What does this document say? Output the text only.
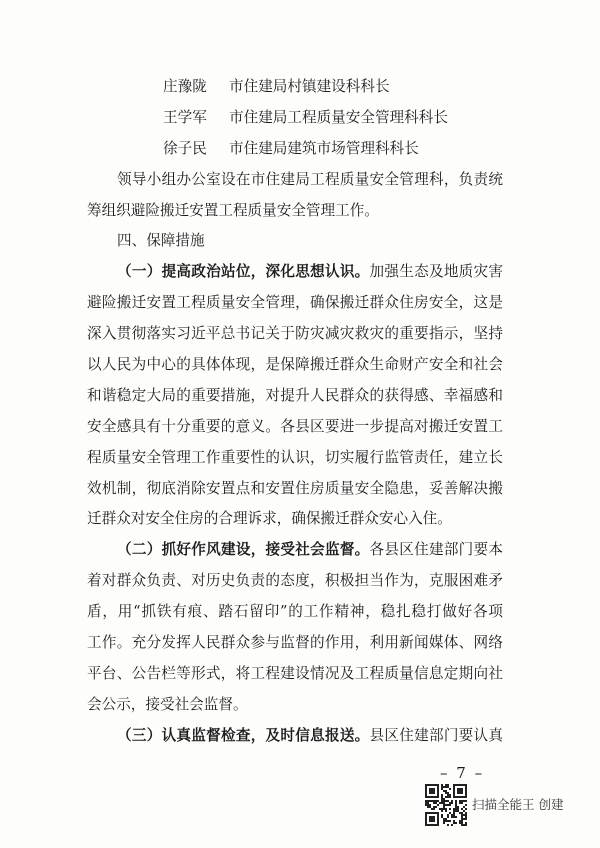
庄豫陇 市住建局村镇建设科科长
王学军 市住建局工程质量安全管理科科长
徐子民 市住建局建筑市场管理科科长
领导小组办公室设在市住建局工程质量安全管理科，负责统
筹组织避险搬迁安置工程质量安全管理工作。
四、保障措施
（一）提高政治站位，深化思想认识。加强生态及地质灾害
避险搬迁安置工程质量安全管理，确保搬迁群众住房安全，这是
深入贯彻落实习近平总书记关于防灾减灾救灾的重要指示，坚持
以人民为中心的具体体现，是保障搬迁群众生命财产安全和社会
和谐稳定大局的重要措施，对提升人民群众的获得感、幸福感和
安全感具有十分重要的意义。各县区要进一步提高对搬迁安置工
程质量安全管理工作重要性的认识，切实履行监管责任，建立长
效机制，彻底消除安置点和安置住房质量安全隐患，妥善解决搬
迁群众对安全住房的合理诉求，确保搬迁群众安心入住。
（二）抓好作风建设，接受社会监督。各县区住建部门要本
着对群众负责、对历史负责的态度，积极担当作为，克服困难矛
盾，用“抓铁有痕、踏石留印”的工作精神，稳扎稳打做好各项
工作。充分发挥人民群众参与监督的作用，利用新闻媒体、网络
平台、公告栏等形式，将工程建设情况及工程质量信息定期向社
会公示，接受社会监督。
（三）认真监督检查，及时信息报送。县区住建部门要认真
– 7 –
扫描全能王 创建
